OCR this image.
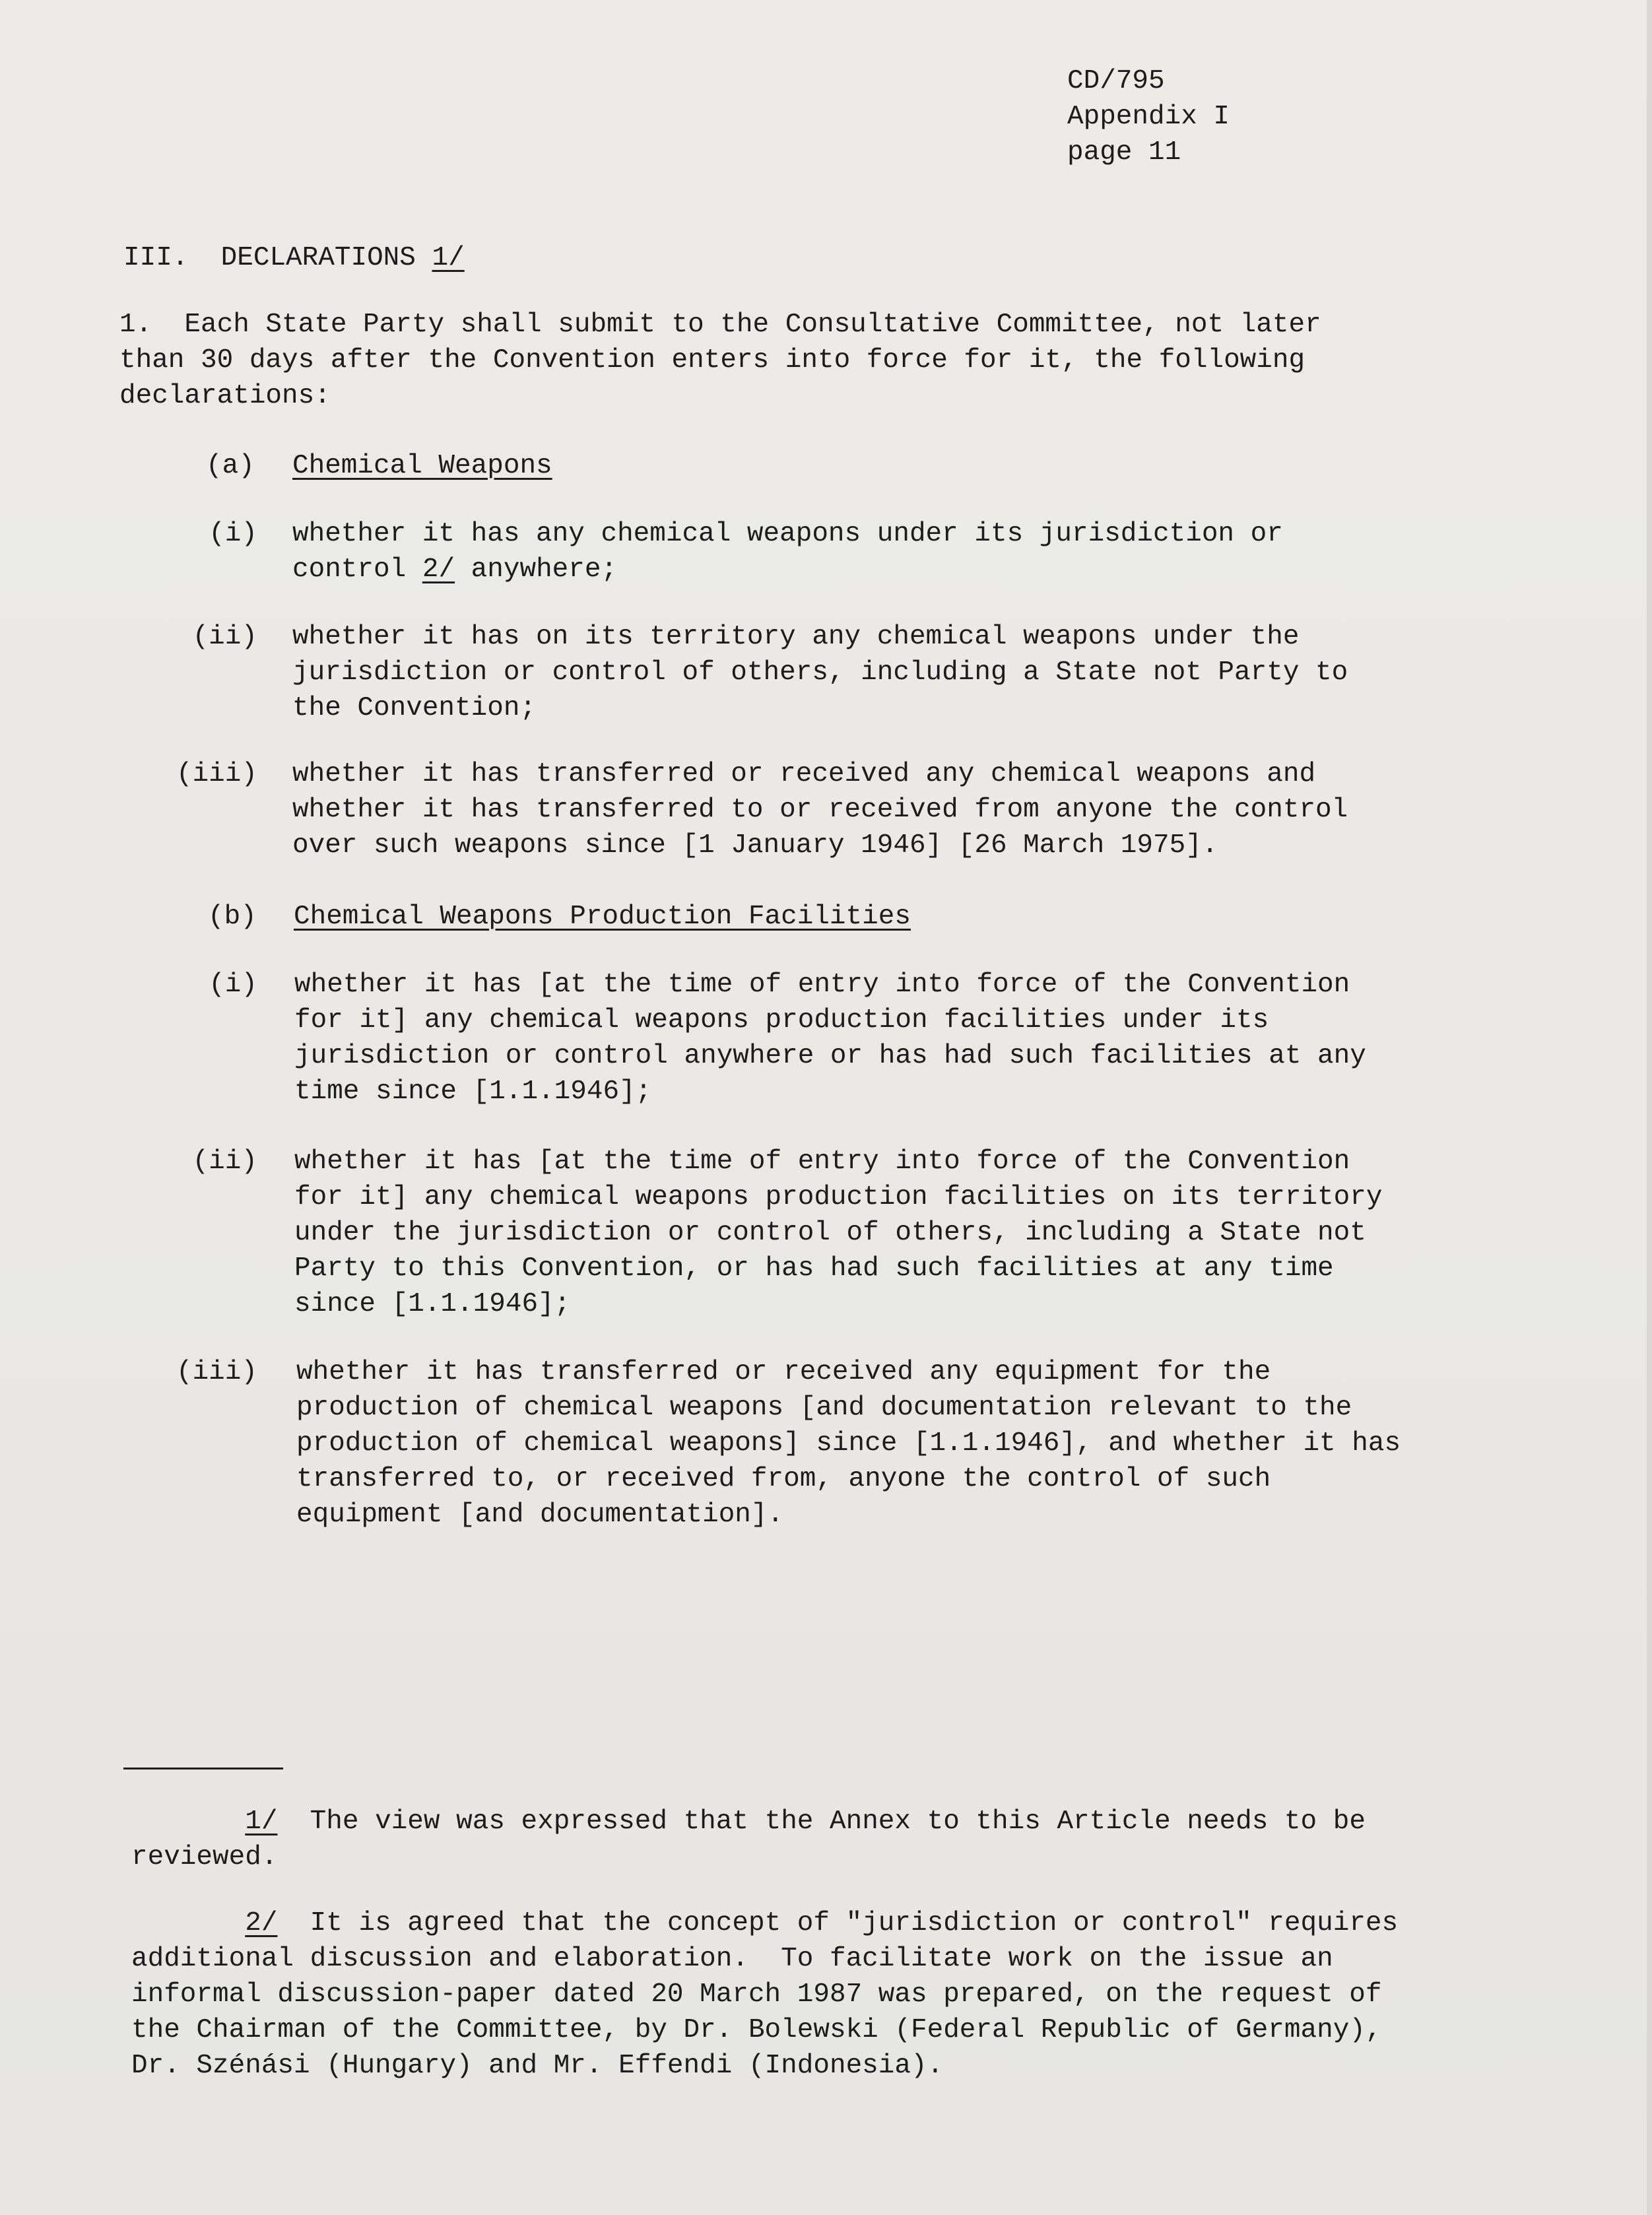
CD/795
Appendix I
page 11
III. DECLARATIONS 1/
1.  Each State Party shall submit to the Consultative Committee, not later
than 30 days after the Convention enters into force for it, the following
declarations:
(a) Chemical Weapons
(i) whether it has any chemical weapons under its jurisdiction or
control 2/ anywhere;
(ii) whether it has on its territory any chemical weapons under the
jurisdiction or control of others, including a State not Party to
the Convention;
(iii) whether it has transferred or received any chemical weapons and
whether it has transferred to or received from anyone the control
over such weapons since [1 January 1946] [26 March 1975].
(b) Chemical Weapons Production Facilities
(i) whether it has [at the time of entry into force of the Convention
for it] any chemical weapons production facilities under its
jurisdiction or control anywhere or has had such facilities at any
time since [1.1.1946];
(ii) whether it has [at the time of entry into force of the Convention
for it] any chemical weapons production facilities on its territory
under the jurisdiction or control of others, including a State not
Party to this Convention, or has had such facilities at any time
since [1.1.1946];
(iii) whether it has transferred or received any equipment for the
production of chemical weapons [and documentation relevant to the
production of chemical weapons] since [1.1.1946], and whether it has
transferred to, or received from, anyone the control of such
equipment [and documentation].
1/ The view was expressed that the Annex to this Article needs to be
reviewed.
2/ It is agreed that the concept of "jurisdiction or control" requires
additional discussion and elaboration.  To facilitate work on the issue an
informal discussion-paper dated 20 March 1987 was prepared, on the request of
the Chairman of the Committee, by Dr. Bolewski (Federal Republic of Germany),
Dr. Szénási (Hungary) and Mr. Effendi (Indonesia).
